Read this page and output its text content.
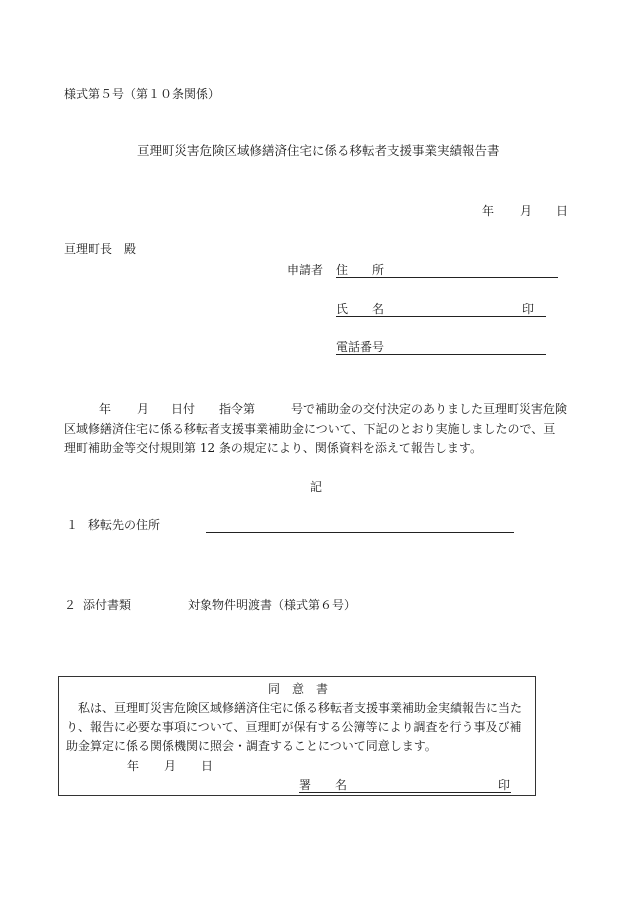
様式第５号（第１０条関係）
亘理町災害危険区域修繕済住宅に係る移転者支援事業実績報告書
年 月 日
亘理町長　殿
申請者 住　　所
氏　　名	印
電話番号
年 月 日付 指令第	号で補助金の交付決定のありました亘理町災害危険
区域修繕済住宅に係る移転者支援事業補助金について、下記のとおり実施しましたので、亘
理町補助金等交付規則第 12 条の規定により、関係資料を添えて報告します。
記
１ 移転先の住所
２ 添付書類	対象物件明渡書（様式第６号）
同　意　書
私は、亘理町災害危険区域修繕済住宅に係る移転者支援事業補助金実績報告に当た
り、報告に必要な事項について、亘理町が保有する公簿等により調査を行う事及び補
助金算定に係る関係機関に照会・調査することについて同意します。
年 月 日
署　　名	印
